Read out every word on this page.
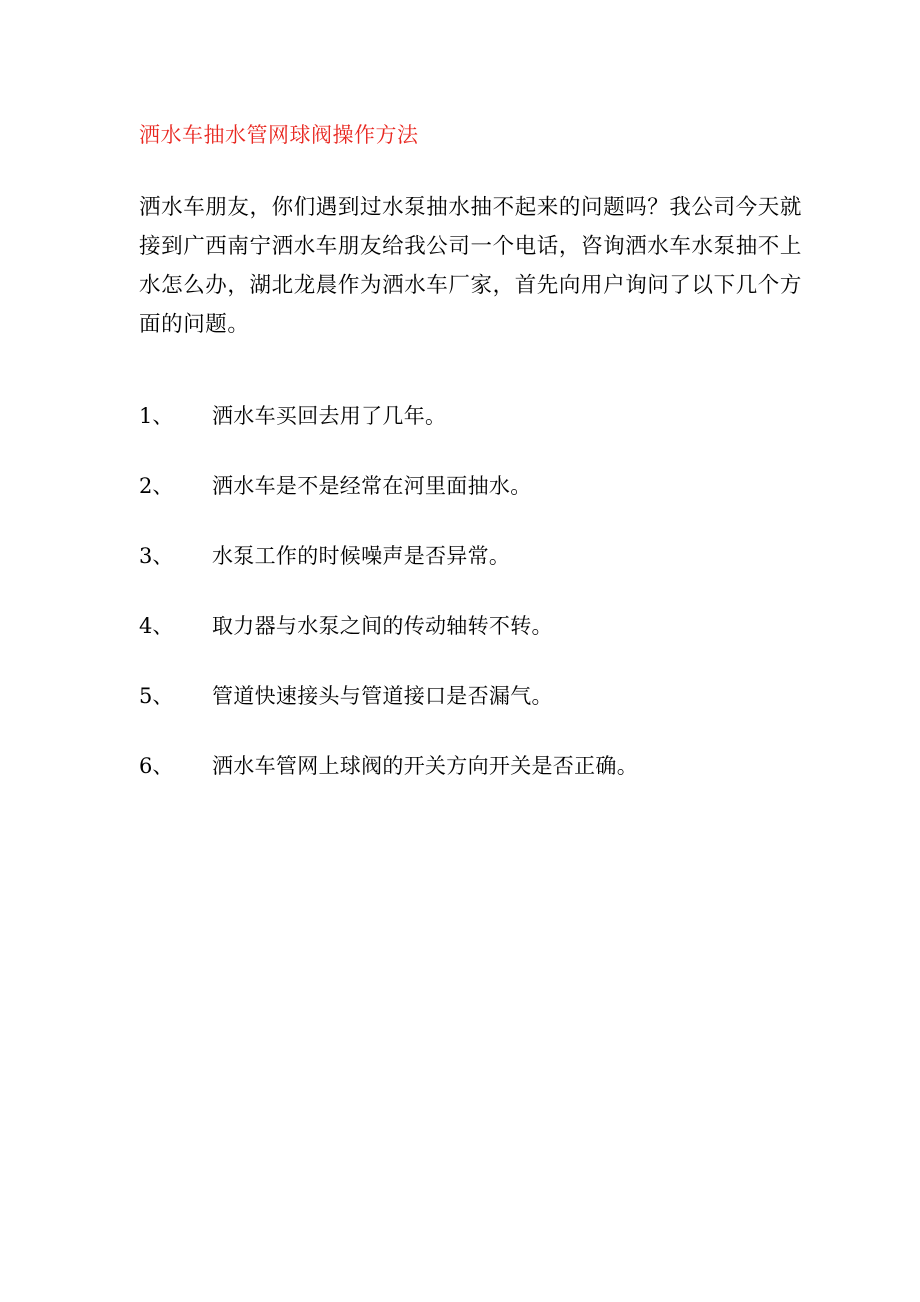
洒水车抽水管网球阀操作方法
洒水车朋友，你们遇到过水泵抽水抽不起来的问题吗？我公司今天就
接到广西南宁洒水车朋友给我公司一个电话，咨询洒水车水泵抽不上
水怎么办，湖北龙晨作为洒水车厂家，首先向用户询问了以下几个方
面的问题。
1、	洒水车买回去用了几年。
2、	洒水车是不是经常在河里面抽水。
3、	水泵工作的时候噪声是否异常。
4、	取力器与水泵之间的传动轴转不转。
5、	管道快速接头与管道接口是否漏气。
6、	洒水车管网上球阀的开关方向开关是否正确。
